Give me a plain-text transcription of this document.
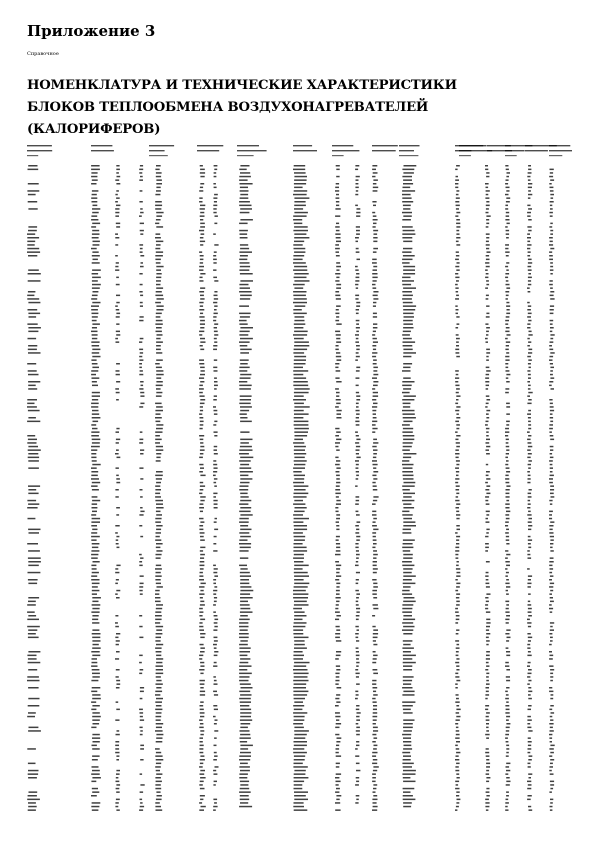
Приложение 3

Справочное

НОМЕНКЛАТУРА И ТЕХНИЧЕСКИЕ ХАРАКТЕРИСТИКИ
БЛОКОВ ТЕПЛООБМЕНА ВОЗДУХОНАГРЕВАТЕЛЕЙ
(КАЛОРИФЕРОВ)
